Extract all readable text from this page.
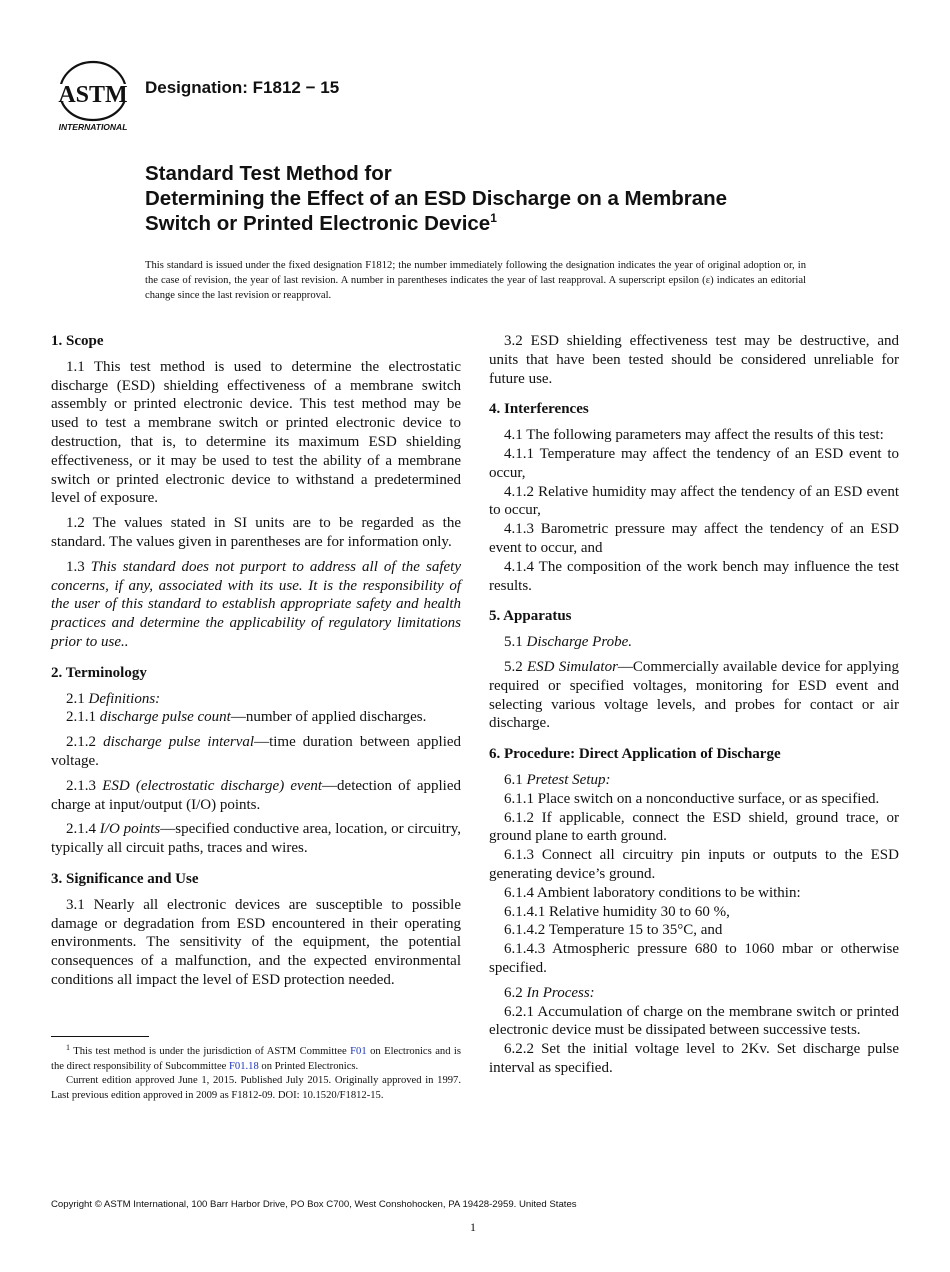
ASTM
INTERNATIONAL
Designation: F1812 − 15
Standard Test Method for
Determining the Effect of an ESD Discharge on a Membrane
Switch or Printed Electronic Device$^1$
This standard is issued under the fixed designation F1812; the number immediately following the designation indicates the year of original adoption or, in the case of revision, the year of last revision. A number in parentheses indicates the year of last reapproval. A superscript epsilon (ε) indicates an editorial change since the last revision or reapproval.
1. Scope
1.1 This test method is used to determine the electrostatic discharge (ESD) shielding effectiveness of a membrane switch assembly or printed electronic device. This test method may be used to test a membrane switch or printed electronic device to destruction, that is, to determine its maximum ESD shielding effectiveness, or it may be used to test the ability of a membrane switch or printed electronic device to withstand a predetermined level of exposure.
1.2 The values stated in SI units are to be regarded as the standard. The values given in parentheses are for information only.
1.3 This standard does not purport to address all of the safety concerns, if any, associated with its use. It is the responsibility of the user of this standard to establish appropriate safety and health practices and determine the applicability of regulatory limitations prior to use..
2. Terminology
2.1 Definitions:
2.1.1 discharge pulse count—number of applied discharges.
2.1.2 discharge pulse interval—time duration between applied voltage.
2.1.3 ESD (electrostatic discharge) event—detection of applied charge at input/output (I/O) points.
2.1.4 I/O points—specified conductive area, location, or circuitry, typically all circuit paths, traces and wires.
3. Significance and Use
3.1 Nearly all electronic devices are susceptible to possible damage or degradation from ESD encountered in their operating environments. The sensitivity of the equipment, the potential consequences of a malfunction, and the expected environmental conditions all impact the level of ESD protection needed.
$^1$ This test method is under the jurisdiction of ASTM Committee F01 on Electronics and is the direct responsibility of Subcommittee F01.18 on Printed Electronics.
Current edition approved June 1, 2015. Published July 2015. Originally approved in 1997. Last previous edition approved in 2009 as F1812-09. DOI: 10.1520/F1812-15.
3.2 ESD shielding effectiveness test may be destructive, and units that have been tested should be considered unreliable for future use.
4. Interferences
4.1 The following parameters may affect the results of this test:
4.1.1 Temperature may affect the tendency of an ESD event to occur,
4.1.2 Relative humidity may affect the tendency of an ESD event to occur,
4.1.3 Barometric pressure may affect the tendency of an ESD event to occur, and
4.1.4 The composition of the work bench may influence the test results.
5. Apparatus
5.1 Discharge Probe.
5.2 ESD Simulator—Commercially available device for applying required or specified voltages, monitoring for ESD event and selecting various voltage levels, and probes for contact or air discharge.
6. Procedure: Direct Application of Discharge
6.1 Pretest Setup:
6.1.1 Place switch on a nonconductive surface, or as specified.
6.1.2 If applicable, connect the ESD shield, ground trace, or ground plane to earth ground.
6.1.3 Connect all circuitry pin inputs or outputs to the ESD generating device’s ground.
6.1.4 Ambient laboratory conditions to be within:
6.1.4.1 Relative humidity 30 to 60 %,
6.1.4.2 Temperature 15 to 35°C, and
6.1.4.3 Atmospheric pressure 680 to 1060 mbar or otherwise specified.
6.2 In Process:
6.2.1 Accumulation of charge on the membrane switch or printed electronic device must be dissipated between successive tests.
6.2.2 Set the initial voltage level to 2Kv. Set discharge pulse interval as specified.
Copyright © ASTM International, 100 Barr Harbor Drive, PO Box C700, West Conshohocken, PA 19428-2959. United States
1
